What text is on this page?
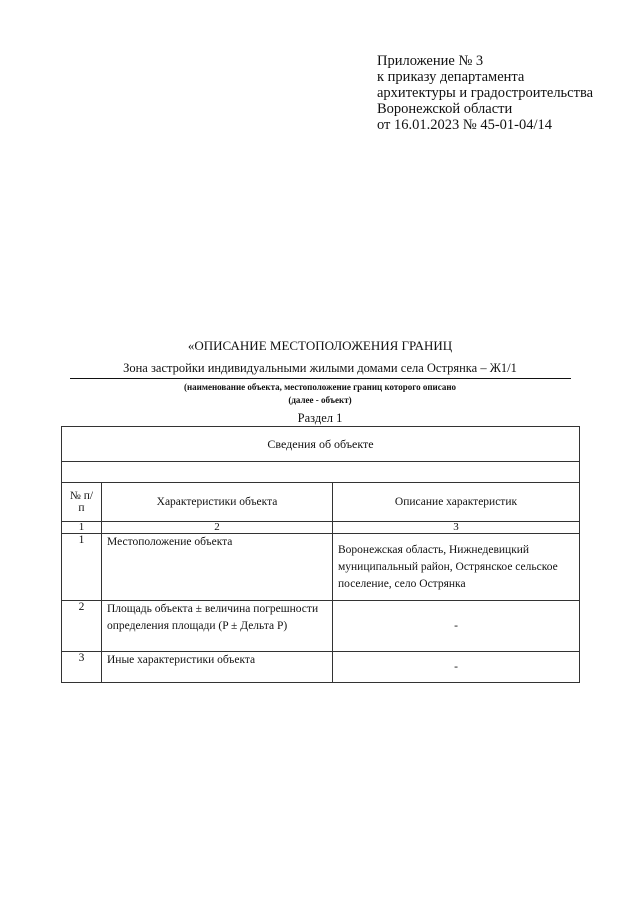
Приложение № 3
к приказу департамента
архитектуры и градостроительства
Воронежской области
от 16.01.2023 № 45-01-04/14
«ОПИСАНИЕ МЕСТОПОЛОЖЕНИЯ ГРАНИЦ
Зона застройки индивидуальными жилыми домами села Острянка – Ж1/1
(наименование объекта, местоположение границ которого описано
(далее - объект)
Раздел 1
Сведения об объекте		

№ п/п	Характеристики объекта	Описание характеристик
1	2	3
1	Местоположение объекта	Воронежская область, Нижнедевицкий муниципальный район, Острянское сельское поселение, село Острянка
2	Площадь объекта ± величина погрешности определения площади (P ± Дельта P)	-
3	Иные характеристики объекта	-
